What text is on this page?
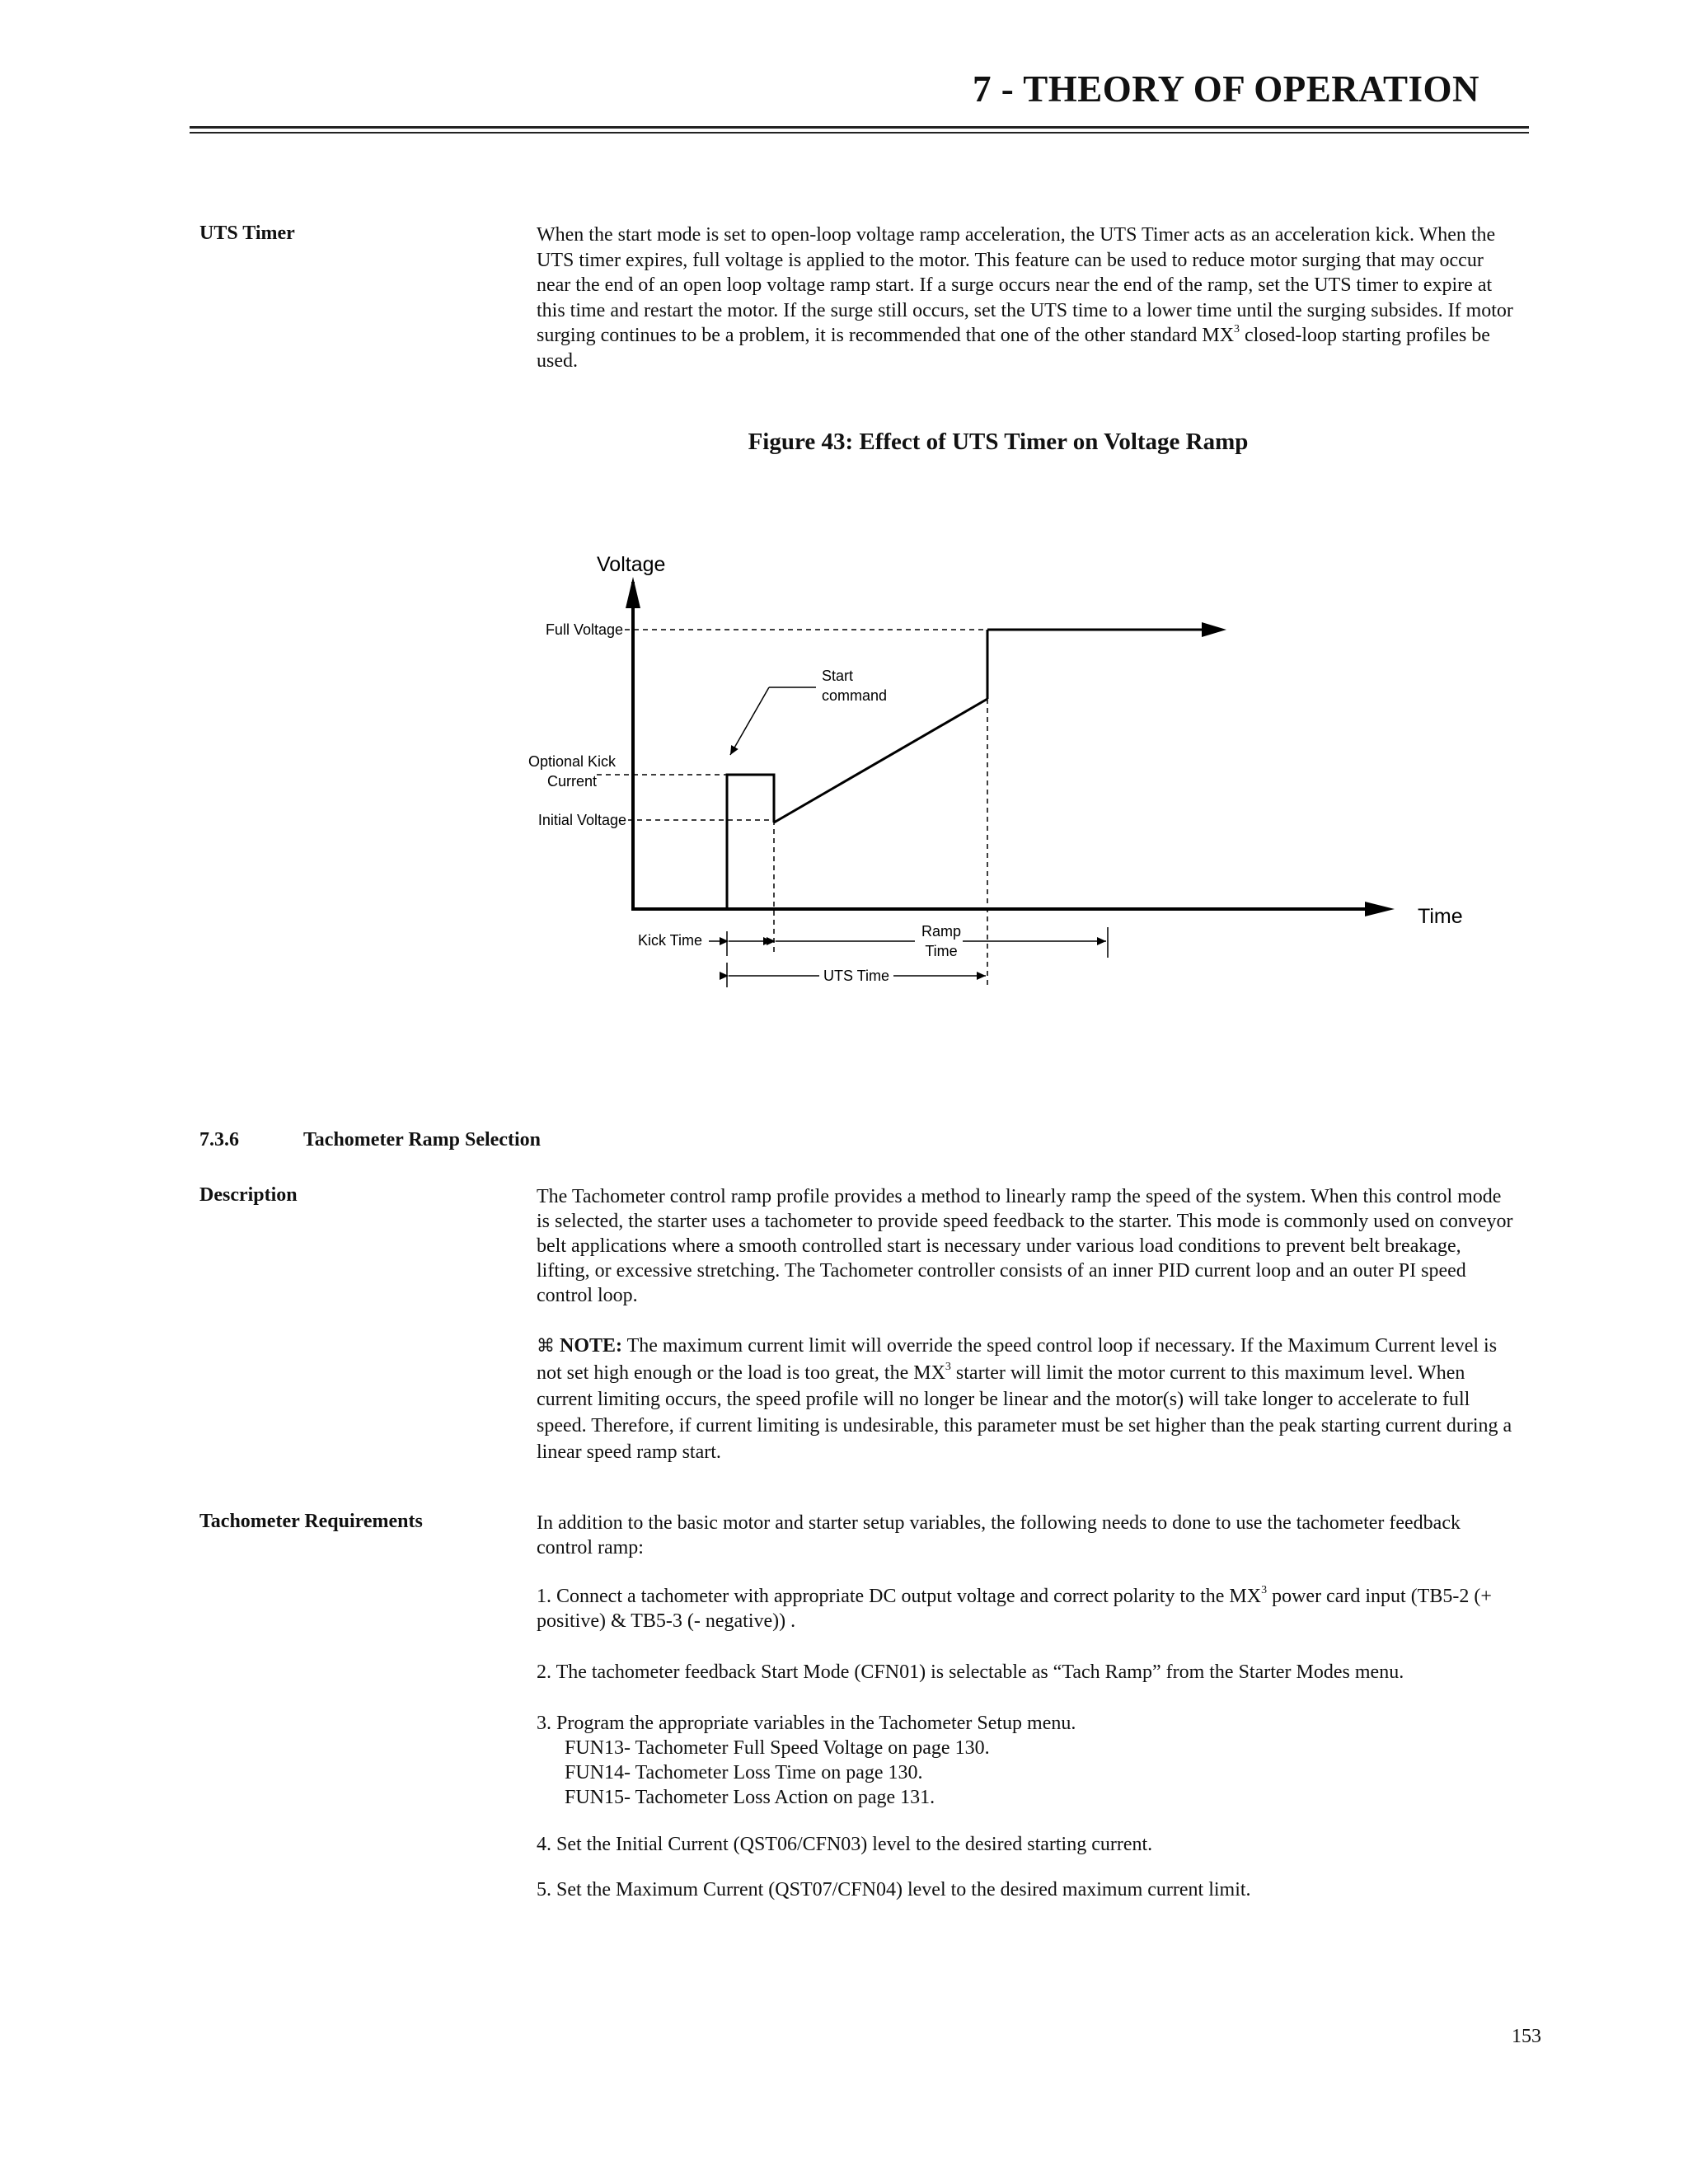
7 - THEORY OF OPERATION
UTS Timer	When the start mode is set to open-loop voltage ramp acceleration, the UTS Timer acts as an acceleration kick. When the UTS timer expires, full voltage is applied to the motor. This feature can be used to reduce motor surging that may occur near the end of an open loop voltage ramp start. If a surge occurs near the end of the ramp, set the UTS timer to expire at this time and restart the motor. If the surge still occurs, set the UTS time to a lower time until the surging subsides. If motor surging continues to be a problem, it is recommended that one of the other standard $MX^3$ closed-loop starting profiles be used.

Figure 43: Effect of UTS Timer on Voltage Ramp
Voltage
Time
Full Voltage
Optional Kick
Current
Initial Voltage
Start
command
Kick Time
Ramp
Time
UTS Time
7.3.6	Tachometer Ramp Selection
Description	The Tachometer control ramp profile provides a method to linearly ramp the speed of the system. When this control mode is selected, the starter uses a tachometer to provide speed feedback to the starter. This mode is commonly used on conveyor belt applications where a smooth controlled start is necessary under various load conditions to prevent belt breakage, lifting, or excessive stretching. The Tachometer controller consists of an inner PID current loop and an outer PI speed control loop.

⌘ NOTE: The maximum current limit will override the speed control loop if necessary. If the Maximum Current level is not set high enough or the load is too great, the $MX^3$ starter will limit the motor current to this maximum level. When current limiting occurs, the speed profile will no longer be linear and the motor(s) will take longer to accelerate to full speed. Therefore, if current limiting is undesirable, this parameter must be set higher than the peak starting current during a linear speed ramp start.

Tachometer Requirements	In addition to the basic motor and starter setup variables, the following needs to done to use the tachometer feedback control ramp:

1. Connect a tachometer with appropriate DC output voltage and correct polarity to the $MX^3$ power card input (TB5-2 (+ positive) & TB5-3 (- negative)) .

2. The tachometer feedback Start Mode (CFN01) is selectable as “Tach Ramp” from the Starter Modes menu.

3. Program the appropriate variables in the Tachometer Setup menu.

FUN13- Tachometer Full Speed Voltage on page 130.

FUN14- Tachometer Loss Time on page 130.

FUN15- Tachometer Loss Action on page 131.

4. Set the Initial Current (QST06/CFN03) level to the desired starting current.

5. Set the Maximum Current (QST07/CFN04) level to the desired maximum current limit.

153
